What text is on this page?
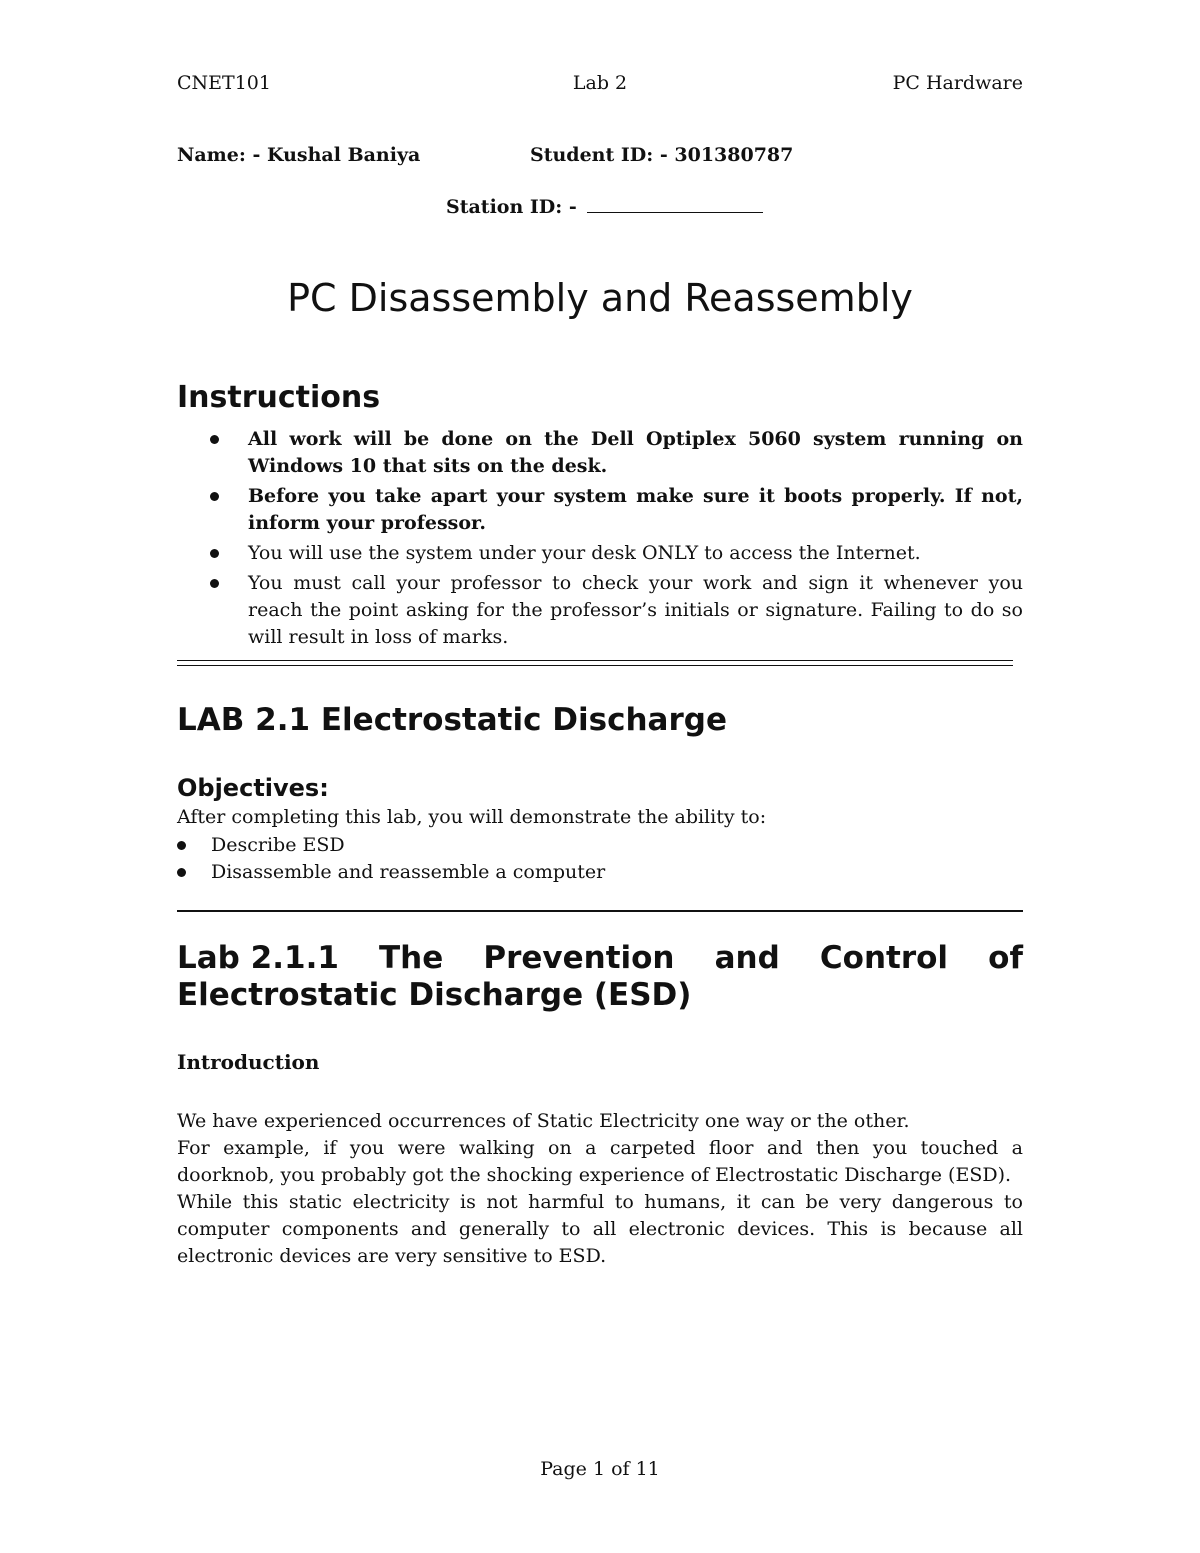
CNET101	Lab 2	PC Hardware
Name: - Kushal Baniya	Student ID: - 301380787
Station ID: -
PC Disassembly and Reassembly
Instructions
All work will be done on the Dell Optiplex 5060 system running on Windows 10 that sits on the desk.
Before you take apart your system make sure it boots properly. If not, inform your professor.
You will use the system under your desk ONLY to access the Internet.
You must call your professor to check your work and sign it whenever you reach the point asking for the professor’s initials or signature. Failing to do so will result in loss of marks.
LAB 2.1 Electrostatic Discharge
Objectives:
After completing this lab, you will demonstrate the ability to:
Describe ESD
Disassemble and reassemble a computer
Lab 2.1.1 The Prevention and Control of
Electrostatic Discharge (ESD)
Introduction

We have experienced occurrences of Static Electricity one way or the other.

For example, if you were walking on a carpeted floor and then you touched a doorknob, you probably got the shocking experience of Electrostatic Discharge (ESD).

While this static electricity is not harmful to humans, it can be very dangerous to computer components and generally to all electronic devices. This is because all electronic devices are very sensitive to ESD.

Page 1 of 11
